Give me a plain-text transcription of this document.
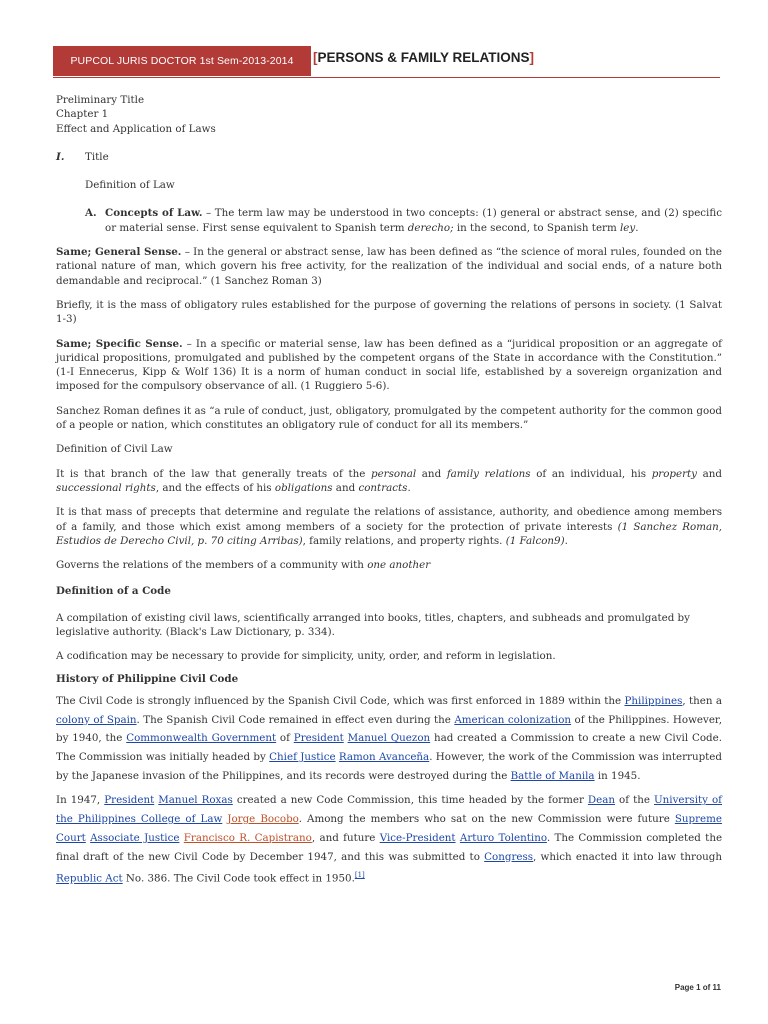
PUPCOL JURIS DOCTOR 1st Sem-2013-2014	[PERSONS & FAMILY RELATIONS]

Preliminary Title

Chapter 1

Effect and Application of Laws

I.	Title

Definition of Law

A. Concepts of Law. – The term law may be understood in two concepts: (1) general or abstract sense, and (2) specific or material sense. First sense equivalent to Spanish term derecho; in the second, to Spanish term ley.

Same; General Sense. – In the general or abstract sense, law has been defined as “the science of moral rules, founded on the rational nature of man, which govern his free activity, for the realization of the individual and social ends, of a nature both demandable and reciprocal.” (1 Sanchez Roman 3)

Briefly, it is the mass of obligatory rules established for the purpose of governing the relations of persons in society. (1 Salvat 1-3)

Same; Specific Sense. – In a specific or material sense, law has been defined as a “juridical proposition or an aggregate of juridical propositions, promulgated and published by the competent organs of the State in accordance with the Constitution.” (1-I Ennecerus, Kipp & Wolf 136) It is a norm of human conduct in social life, established by a sovereign organization and imposed for the compulsory observance of all. (1 Ruggiero 5-6).

Sanchez Roman defines it as “a rule of conduct, just, obligatory, promulgated by the competent authority for the common good of a people or nation, which constitutes an obligatory rule of conduct for all its members.”

Definition of Civil Law

It is that branch of the law that generally treats of the personal and family relations of an individual, his property and successional rights, and the effects of his obligations and contracts.

It is that mass of precepts that determine and regulate the relations of assistance, authority, and obedience among members of a family, and those which exist among members of a society for the protection of private interests (1 Sanchez Roman, Estudios de Derecho Civil, p. 70 citing Arribas), family relations, and property rights. (1 Falcon9).

Governs the relations of the members of a community with one another

Definition of a Code

A compilation of existing civil laws, scientifically arranged into books, titles, chapters, and subheads and promulgated by legislative authority. (Black's Law Dictionary, p. 334).

A codification may be necessary to provide for simplicity, unity, order, and reform in legislation.

History of Philippine Civil Code

The Civil Code is strongly influenced by the Spanish Civil Code, which was first enforced in 1889 within the Philippines, then a colony of Spain. The Spanish Civil Code remained in effect even during the American colonization of the Philippines. However, by 1940, the Commonwealth Government of President Manuel Quezon had created a Commission to create a new Civil Code. The Commission was initially headed by Chief Justice Ramon Avanceña. However, the work of the Commission was interrupted by the Japanese invasion of the Philippines, and its records were destroyed during the Battle of Manila in 1945.

In 1947, President Manuel Roxas created a new Code Commission, this time headed by the former Dean of the University of the Philippines College of Law Jorge Bocobo. Among the members who sat on the new Commission were future Supreme Court Associate Justice Francisco R. Capistrano, and future Vice-President Arturo Tolentino. The Commission completed the final draft of the new Civil Code by December 1947, and this was submitted to Congress, which enacted it into law through Republic Act No. 386. The Civil Code took effect in 1950.[1]

Page 1 of 11
